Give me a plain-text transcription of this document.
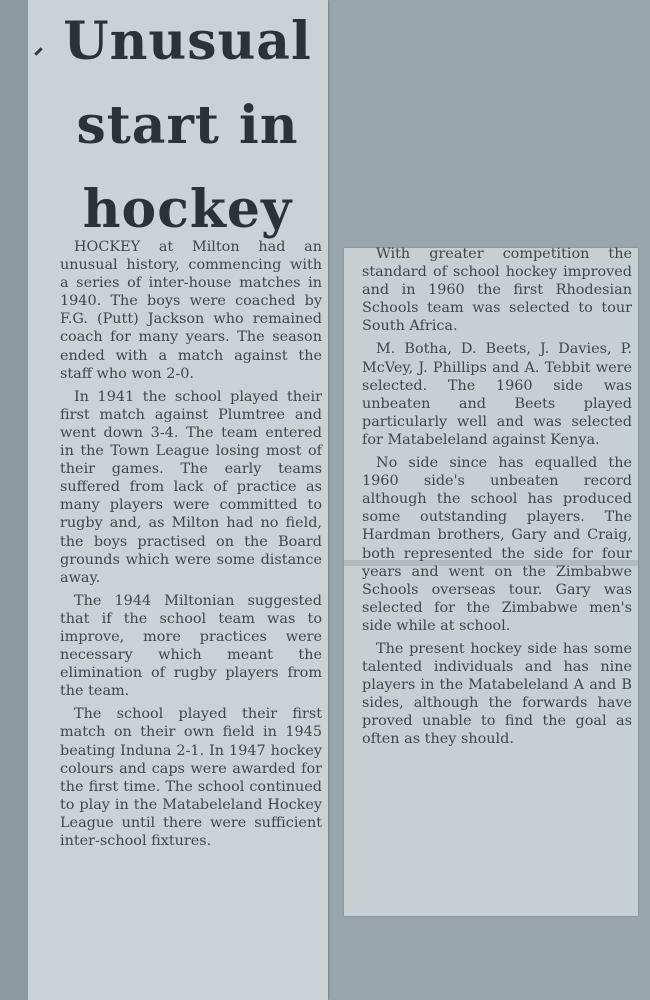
Unusual
start in
hockey

HOCKEY at Milton had an unusual history, commencing with a series of inter-house matches in 1940. The boys were coached by F.G. (Putt) Jackson who remained coach for many years. The season ended with a match against the staff who won 2-0.

In 1941 the school played their first match against Plumtree and went down 3-4. The team entered in the Town League losing most of their games. The early teams suffered from lack of practice as many players were committed to rugby and, as Milton had no field, the boys practised on the Board grounds which were some distance away.

The 1944 Miltonian suggested that if the school team was to improve, more practices were necessary which meant the elimination of rugby players from the team.

The school played their first match on their own field in 1945 beating Induna 2-1. In 1947 hockey colours and caps were awarded for the first time. The school continued to play in the Matabeleland Hockey League until there were sufficient inter-school fixtures.

With greater competition the standard of school hockey improved and in 1960 the first Rhodesian Schools team was selected to tour South Africa.

M. Botha, D. Beets, J. Davies, P. McVey, J. Phillips and A. Tebbit were selected. The 1960 side was unbeaten and Beets played particularly well and was selected for Matabeleland against Kenya.

No side since has equalled the 1960 side's unbeaten record although the school has produced some outstanding players. The Hardman brothers, Gary and Craig, both represented the side for four years and went on the Zimbabwe Schools overseas tour. Gary was selected for the Zimbabwe men's side while at school.

The present hockey side has some talented individuals and has nine players in the Matabeleland A and B sides, although the forwards have proved unable to find the goal as often as they should.
